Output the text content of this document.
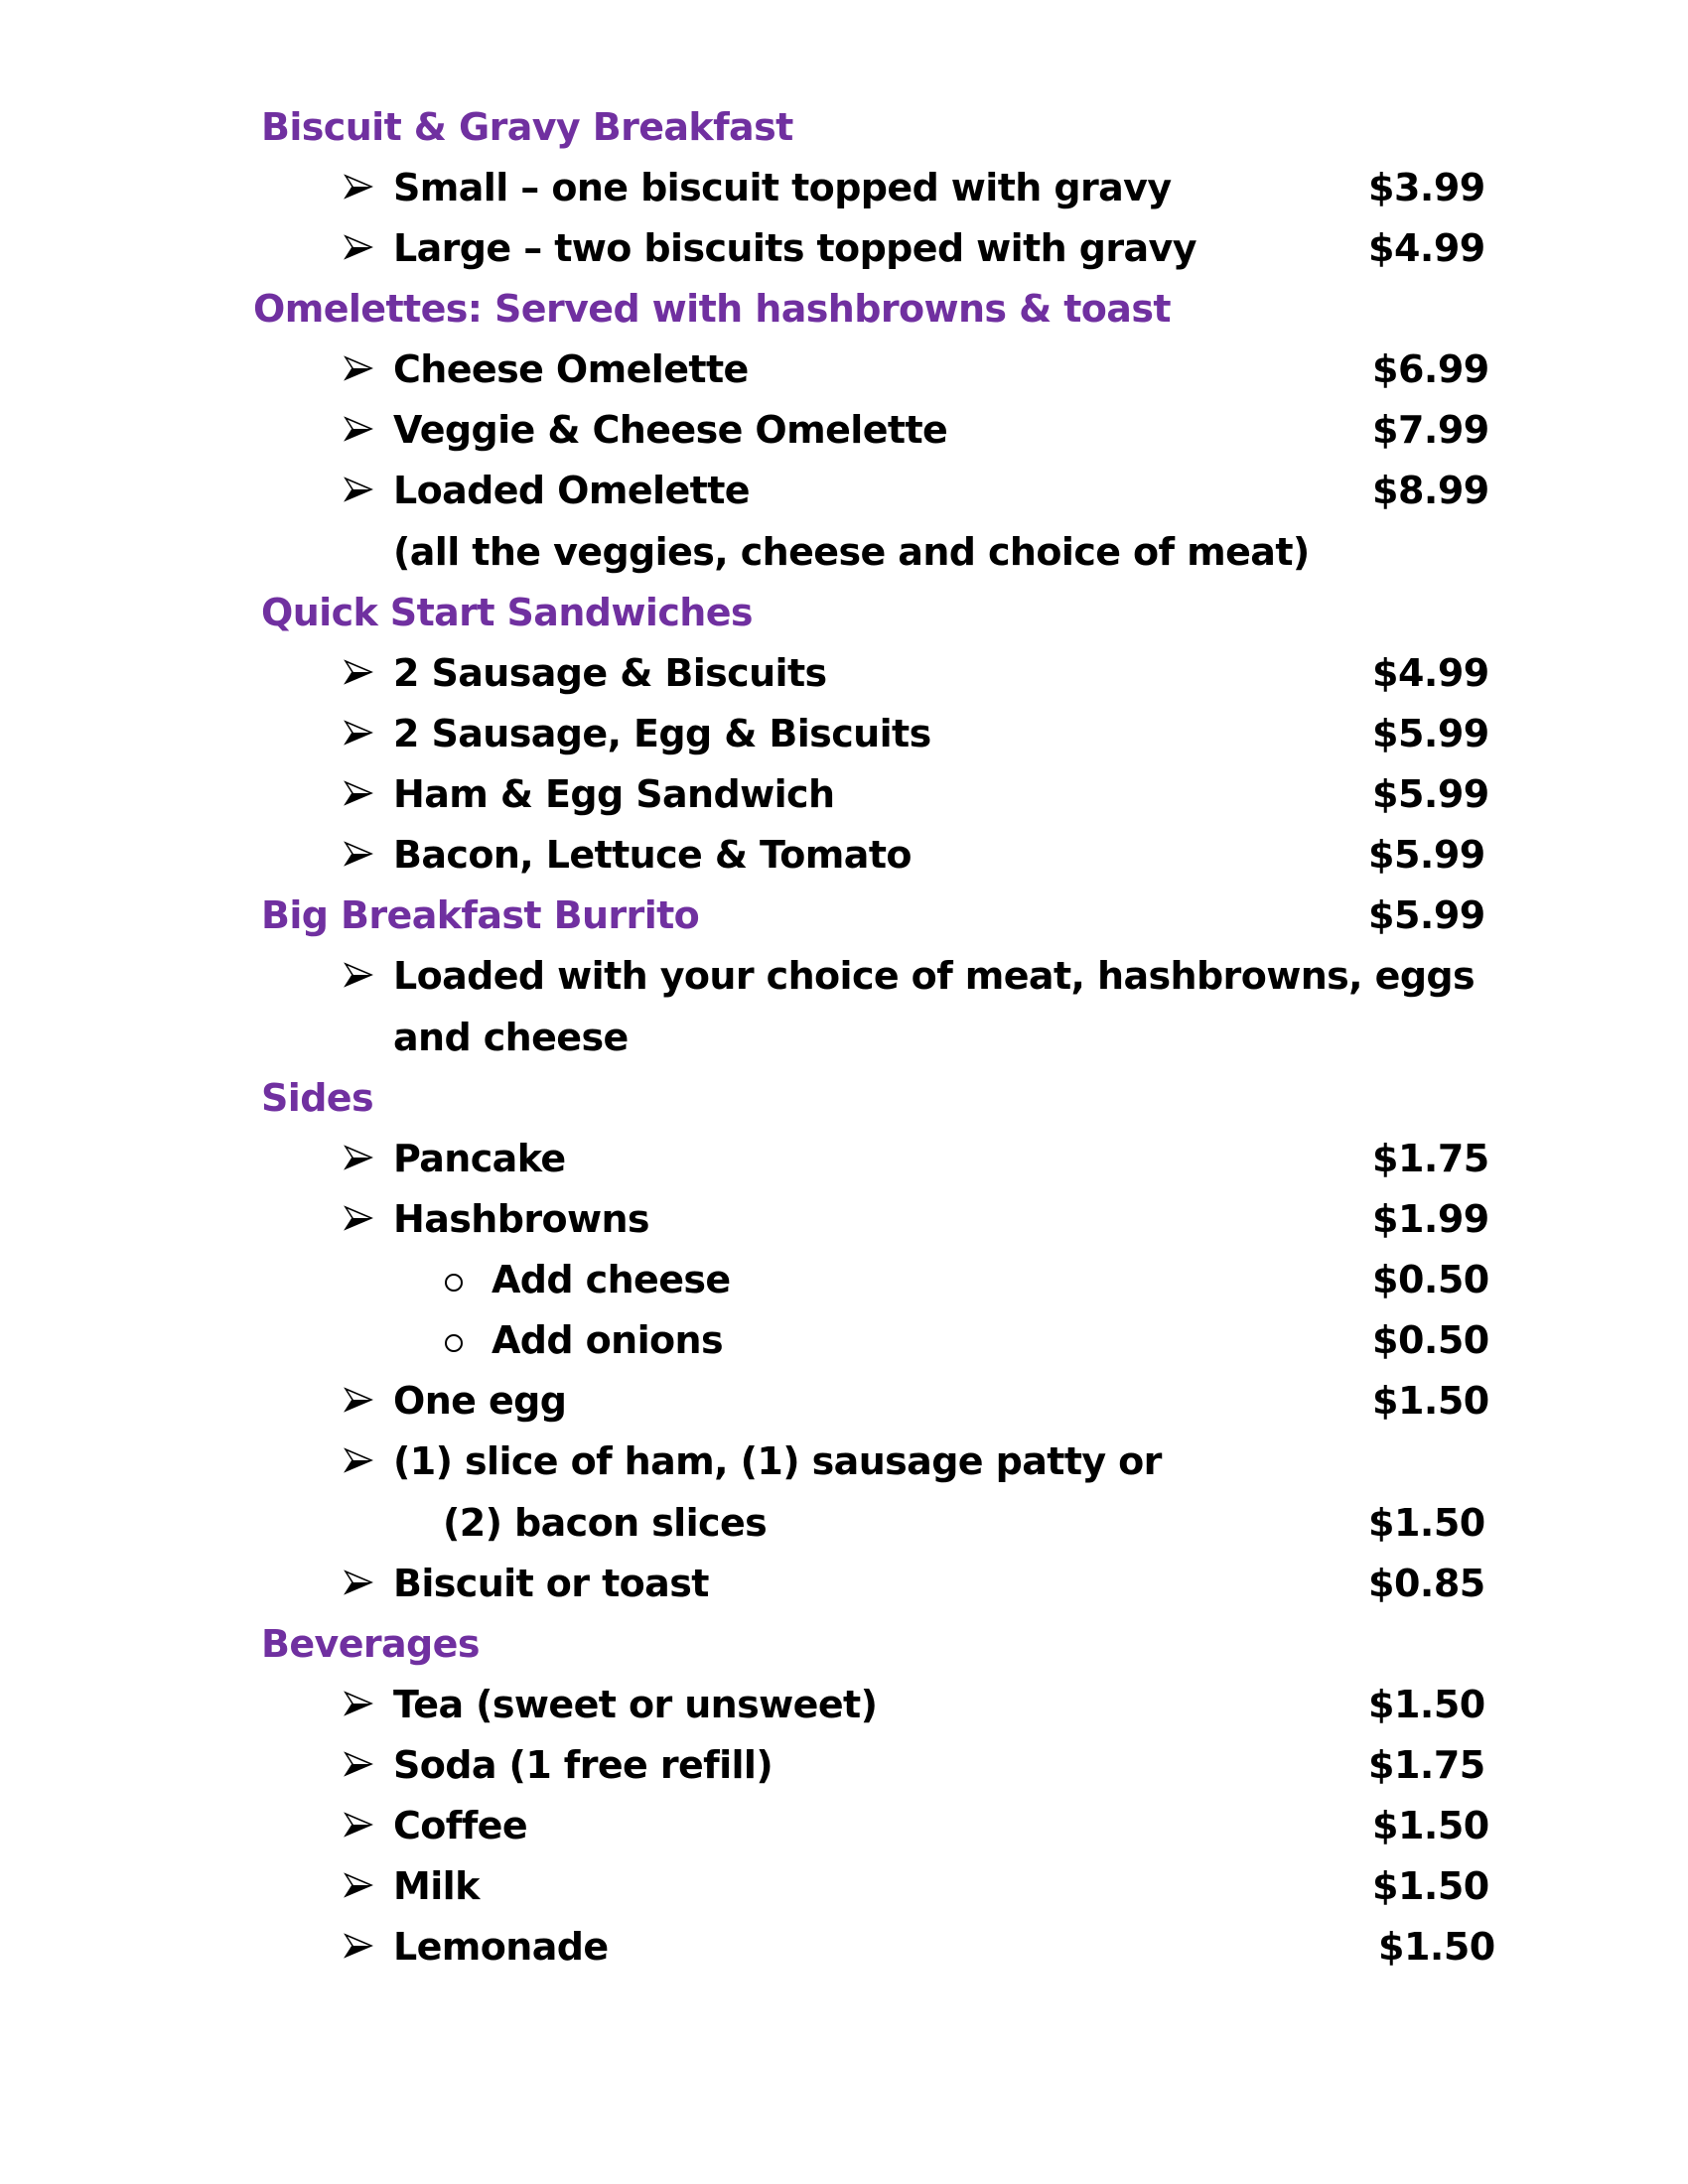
Biscuit & Gravy Breakfast
Small – one biscuit topped with gravy	$3.99
Large – two biscuits topped with gravy	$4.99
Omelettes: Served with hashbrowns & toast
Cheese Omelette	$6.99
Veggie & Cheese Omelette	$7.99
Loaded Omelette	$8.99
(all the veggies, cheese and choice of meat)
Quick Start Sandwiches
2 Sausage & Biscuits	$4.99
2 Sausage, Egg & Biscuits	$5.99
Ham & Egg Sandwich	$5.99
Bacon, Lettuce & Tomato	$5.99
Big Breakfast Burrito	$5.99
Loaded with your choice of meat, hashbrowns, eggs
and cheese
Sides
Pancake	$1.75
Hashbrowns	$1.99
Add cheese	$0.50
Add onions	$0.50
One egg	$1.50
(1) slice of ham, (1) sausage patty or
(2) bacon slices	$1.50
Biscuit or toast	$0.85
Beverages
Tea (sweet or unsweet)	$1.50
Soda (1 free refill)	$1.75
Coffee	$1.50
Milk	$1.50
Lemonade	$1.50
